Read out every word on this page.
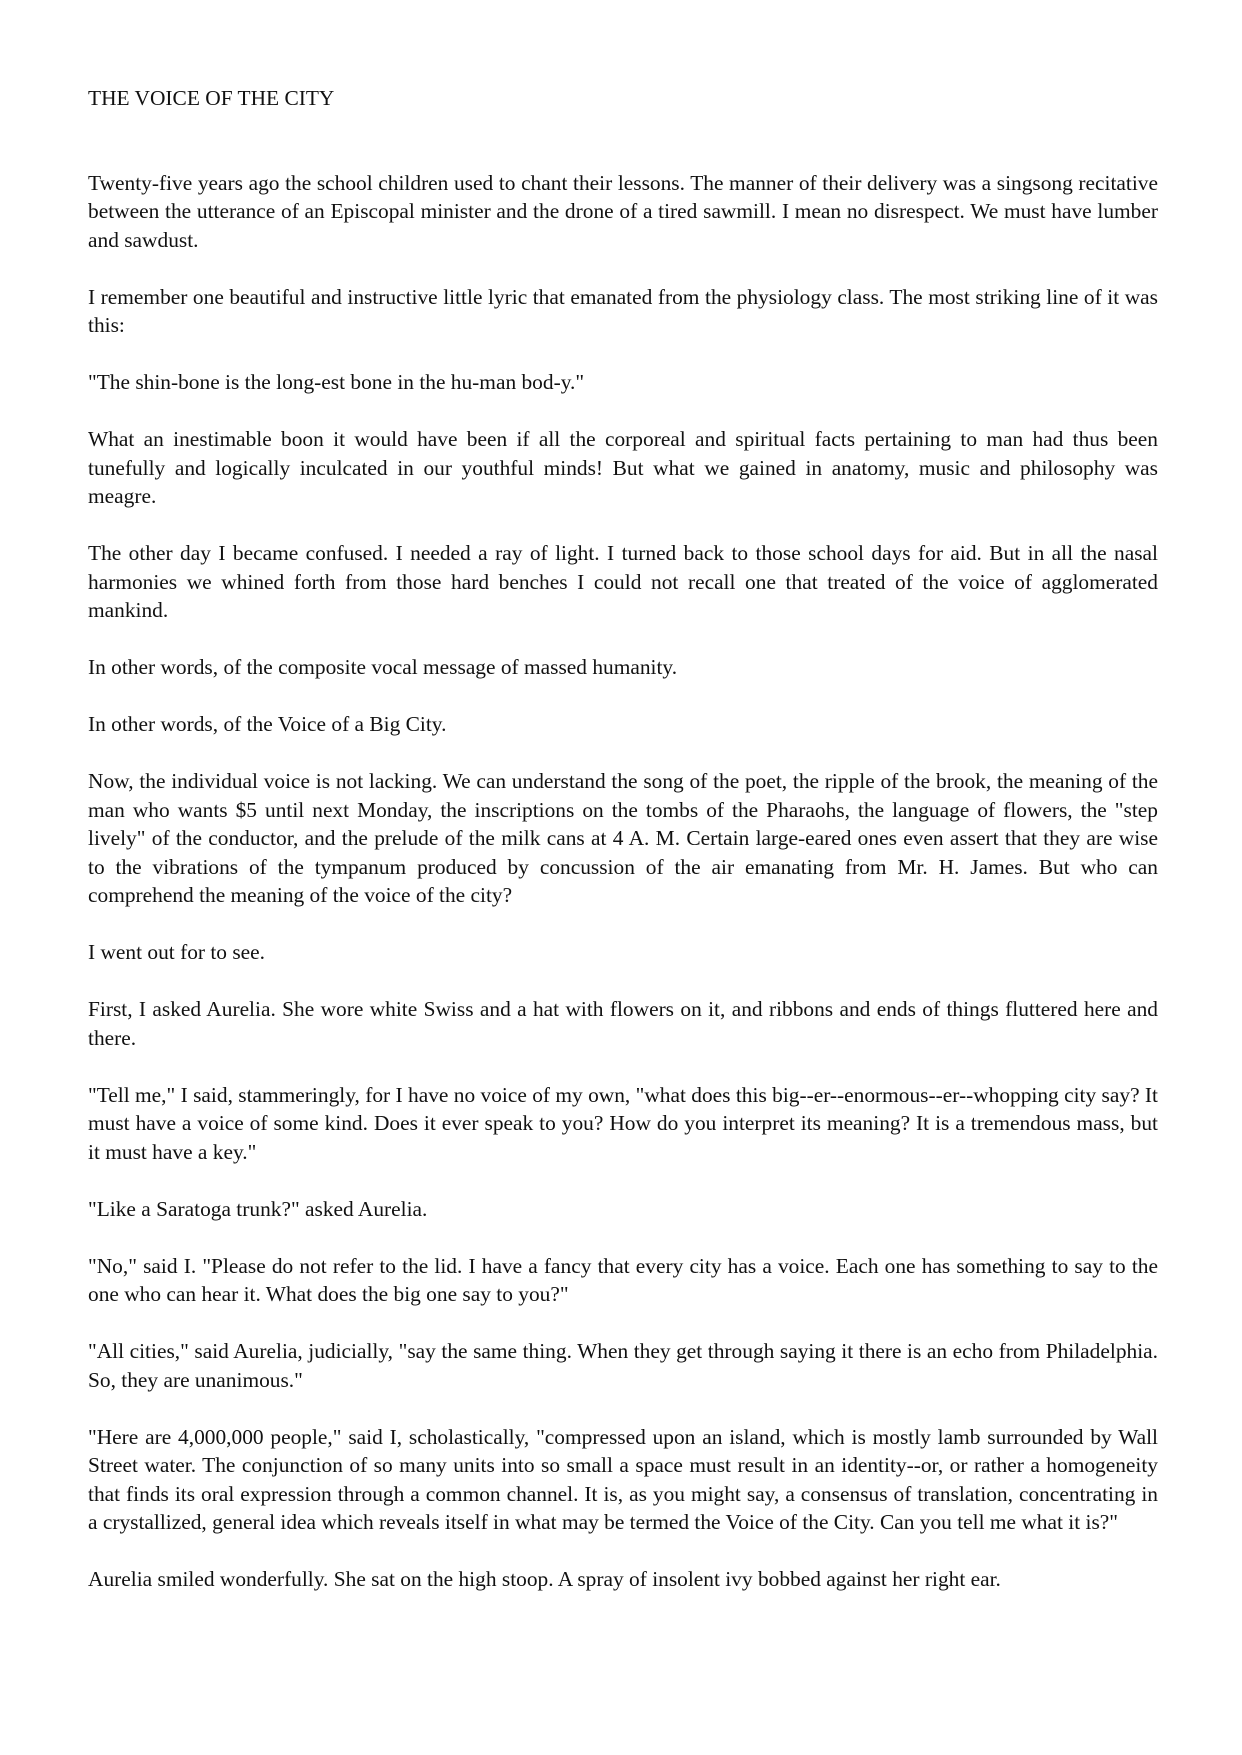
THE VOICE OF THE CITY

Twenty-five years ago the school children used to chant their lessons. The manner of their delivery was a singsong recitative between the utterance of an Episcopal minister and the drone of a tired sawmill. I mean no disrespect. We must have lumber and sawdust.

I remember one beautiful and instructive little lyric that emanated from the physiology class. The most striking line of it was this:

"The shin-bone is the long-est bone in the hu-man bod-y."

What an inestimable boon it would have been if all the corporeal and spiritual facts pertaining to man had thus been tunefully and logically inculcated in our youthful minds! But what we gained in anatomy, music and philosophy was meagre.

The other day I became confused. I needed a ray of light. I turned back to those school days for aid. But in all the nasal harmonies we whined forth from those hard benches I could not recall one that treated of the voice of agglomerated mankind.

In other words, of the composite vocal message of massed humanity.

In other words, of the Voice of a Big City.

Now, the individual voice is not lacking. We can understand the song of the poet, the ripple of the brook, the meaning of the man who wants $5 until next Monday, the inscriptions on the tombs of the Pharaohs, the language of flowers, the "step lively" of the conductor, and the prelude of the milk cans at 4 A. M. Certain large-eared ones even assert that they are wise to the vibrations of the tympanum produced by concussion of the air emanating from Mr. H. James. But who can comprehend the meaning of the voice of the city?

I went out for to see.

First, I asked Aurelia. She wore white Swiss and a hat with flowers on it, and ribbons and ends of things fluttered here and there.

"Tell me," I said, stammeringly, for I have no voice of my own, "what does this big--er--enormous--er--whopping city say? It must have a voice of some kind. Does it ever speak to you? How do you interpret its meaning? It is a tremendous mass, but it must have a key."

"Like a Saratoga trunk?" asked Aurelia.

"No," said I. "Please do not refer to the lid. I have a fancy that every city has a voice. Each one has something to say to the one who can hear it. What does the big one say to you?"

"All cities," said Aurelia, judicially, "say the same thing. When they get through saying it there is an echo from Philadelphia. So, they are unanimous."

"Here are 4,000,000 people," said I, scholastically, "compressed upon an island, which is mostly lamb surrounded by Wall Street water. The conjunction of so many units into so small a space must result in an identity--or, or rather a homogeneity that finds its oral expression through a common channel. It is, as you might say, a consensus of translation, concentrating in a crystallized, general idea which reveals itself in what may be termed the Voice of the City. Can you tell me what it is?"

Aurelia smiled wonderfully. She sat on the high stoop. A spray of insolent ivy bobbed against her right ear.
